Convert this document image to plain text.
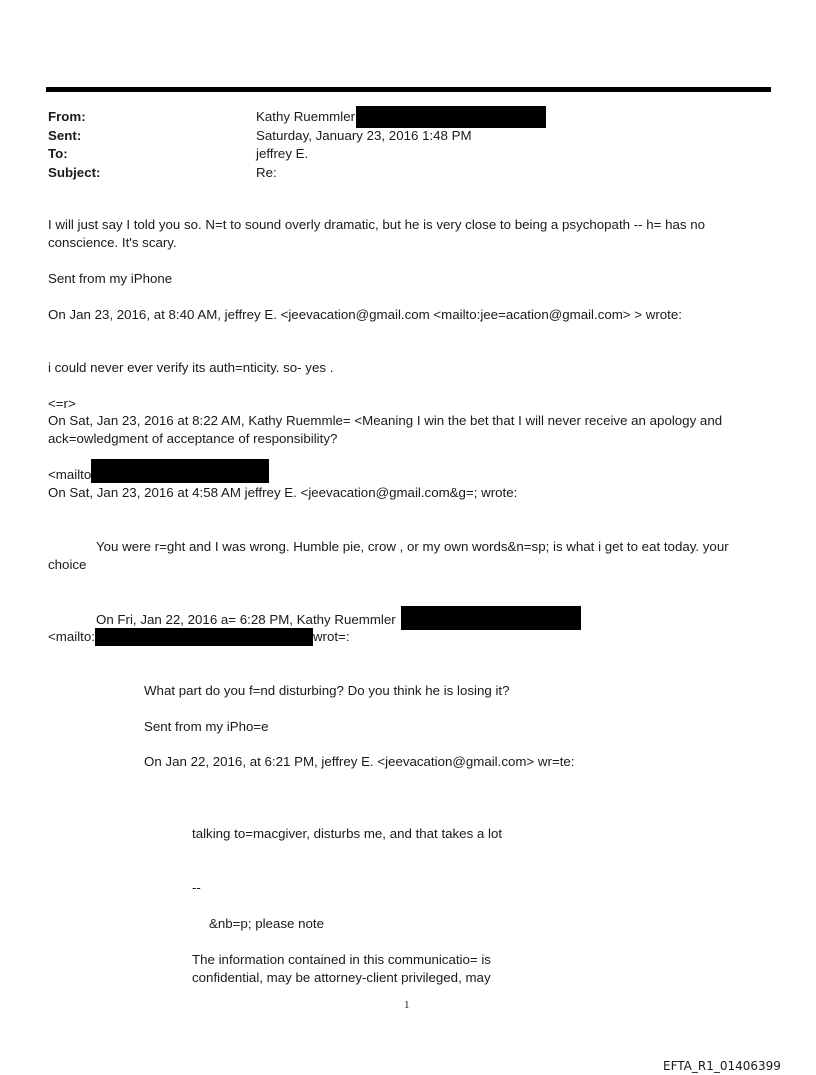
From:	Kathy Ruemmler
Sent:	Saturday, January 23, 2016 1:48 PM
To:	jeffrey E.
Subject:	Re:
I will just say I told you so. N=t to sound overly dramatic, but he is very close to being a psychopath -- h= has no
conscience. It's scary.
Sent from my iPhone
On Jan 23, 2016, at 8:40 AM, jeffrey E. <jeevacation@gmail.com <mailto:jee=acation@gmail.com> > wrote:
i could never ever verify its auth=nticity. so- yes .
<=r>
On Sat, Jan 23, 2016 at 8:22 AM, Kathy Ruemmle= <Meaning I win the bet that I will never receive an apology and
ack=owledgment of acceptance of responsibility?
<mailto
On Sat, Jan 23, 2016 at 4:58 AM jeffrey E. <jeevacation@gmail.com&g=; wrote:
You were r=ght and I was wrong. Humble pie, crow , or my own words&n=sp; is what i get to eat today. your
choice
On Fri, Jan 22, 2016 a= 6:28 PM, Kathy Ruemmler
<mailto:	wrot=:
What part do you f=nd disturbing? Do you think he is losing it?
Sent from my iPho=e
On Jan 22, 2016, at 6:21 PM, jeffrey E. <jeevacation@gmail.com> wr=te:
talking to=macgiver, disturbs me, and that takes a lot
--
&nb=p; please note
The information contained in this communicatio= is
confidential, may be attorney-client privileged, may
1
EFTA_R1_01406399
